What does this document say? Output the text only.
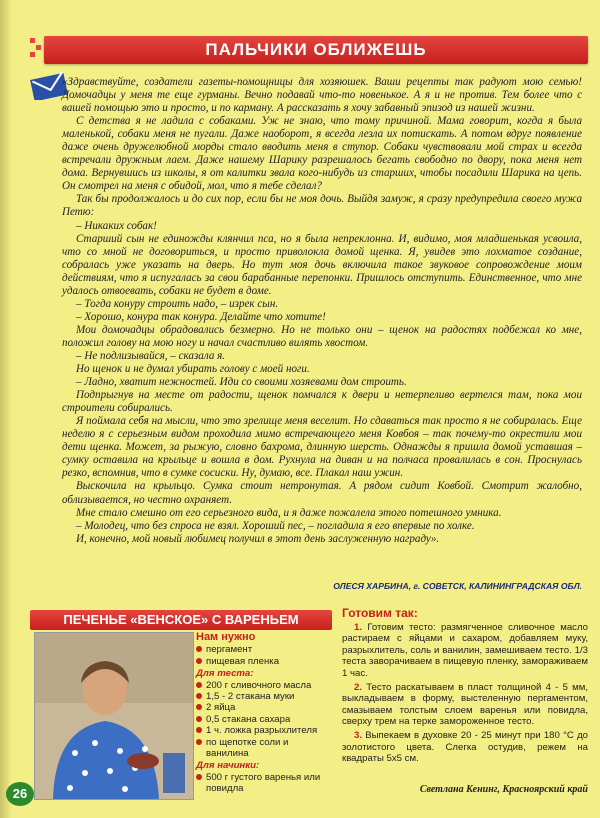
ПАЛЬЧИКИ ОБЛИЖЕШЬ

«Здравствуйте, создатели газеты-помощницы для хозяюшек. Ваши рецепты так радуют мою семью! Домочадцы у меня те еще гурманы. Вечно подавай что-то новенькое. А я и не против. Тем более что с вашей помощью это и просто, и по карману. А рассказать я хочу забавный эпизод из нашей жизни.

С детства я не ладила с собаками. Уж не знаю, что тому причиной. Мама говорит, когда я была маленькой, собаки меня не пугали. Даже наоборот, я всегда лезла их потискать. А потом вдруг появление даже очень дружелюбной морды стало вводить меня в ступор. Собаки чувствовали мой страх и всегда встречали дружным лаем. Даже нашему Шарику разрешалось бегать свободно по двору, пока меня нет дома. Вернувшись из школы, я от калитки звала кого-нибудь из старших, чтобы посадили Шарика на цепь. Он смотрел на меня с обидой, мол, что я тебе сделал?

Так бы продолжалось и до сих пор, если бы не моя дочь. Выйдя замуж, я сразу предупредила своего мужа Петю:

– Никаких собак!

Старший сын не единожды клянчил пса, но я была непреклонна. И, видимо, моя младшенькая усвоила, что со мной не договориться, и просто приволокла домой щенка. Я, увидев это лохматое создание, собралась уже указать на дверь. Но тут моя дочь включила такое звуковое сопровождение моим действиям, что я испугалась за свои барабанные перепонки. Пришлось отступить. Единственное, что мне удалось отвоевать, собаки не будет в доме.

– Тогда конуру строить надо, – изрек сын.

– Хорошо, конура так конура. Делайте что хотите!

Мои домочадцы обрадовались безмерно. Но не только они – щенок на радостях подбежал ко мне, положил голову на мою ногу и начал счастливо вилять хвостом.

– Не подлизывайся, – сказала я.

Но щенок и не думал убирать голову с моей ноги.

– Ладно, хватит нежностей. Иди со своими хозяевами дом строить.

Подпрыгнув на месте от радости, щенок помчался к двери и нетерпеливо вертелся там, пока мои строители собирались.

Я поймала себя на мысли, что это зрелище меня веселит. Но сдаваться так просто я не собиралась. Еще неделю я с серьезным видом проходила мимо встречающего меня Ковбоя – так почему-то окрестили мои дети щенка. Может, за рыжую, словно бахрома, длинную шерсть. Однажды я пришла домой уставшая – сумку оставила на крыльце и вошла в дом. Рухнула на диван и на полчаса провалилась в сон. Проснулась резко, вспомнив, что в сумке сосиски. Ну, думаю, все. Плакал наш ужин.

Выскочила на крыльцо. Сумка стоит нетронутая. А рядом сидит Ковбой. Смотрит жалобно, облизывается, но честно охраняет.

Мне стало смешно от его серьезного вида, и я даже пожалела этого потешного умника.

– Молодец, что без спроса не взял. Хороший пес, – погладила я его впервые по холке.

И, конечно, мой новый любимец получил в этот день заслуженную награду».

ОЛЕСЯ ХАРБИНА, г. СОВЕТСК, КАЛИНИНГРАДСКАЯ ОБЛ.
ПЕЧЕНЬЕ «ВЕНСКОЕ» С ВАРЕНЬЕМ
Нам нужно
пергамент
пищевая пленка
Для теста:
200 г сливочного масла
1,5 - 2 стакана муки
2 яйца
0,5 стакана сахара
1 ч. ложка разрыхлителя
по щепотке соли и ванилина
Для начинки:
500 г густого варенья или повидла
Готовим так:

1. Готовим тесто: размягченное сливочное масло растираем с яйцами и сахаром, добавляем муку, разрыхлитель, соль и ванилин, замешиваем тесто. 1/3 теста заворачиваем в пищевую пленку, замораживаем 1 час.

2. Тесто раскатываем в пласт толщиной 4 - 5 мм, выкладываем в форму, выстеленную пергаментом, смазываем толстым слоем варенья или повидла, сверху трем на терке замороженное тесто.

3. Выпекаем в духовке 20 - 25 минут при 180 °С до золотистого цвета. Слегка остудив, режем на квадраты 5х5 см.

Светлана Кенинг, Красноярский край
26
